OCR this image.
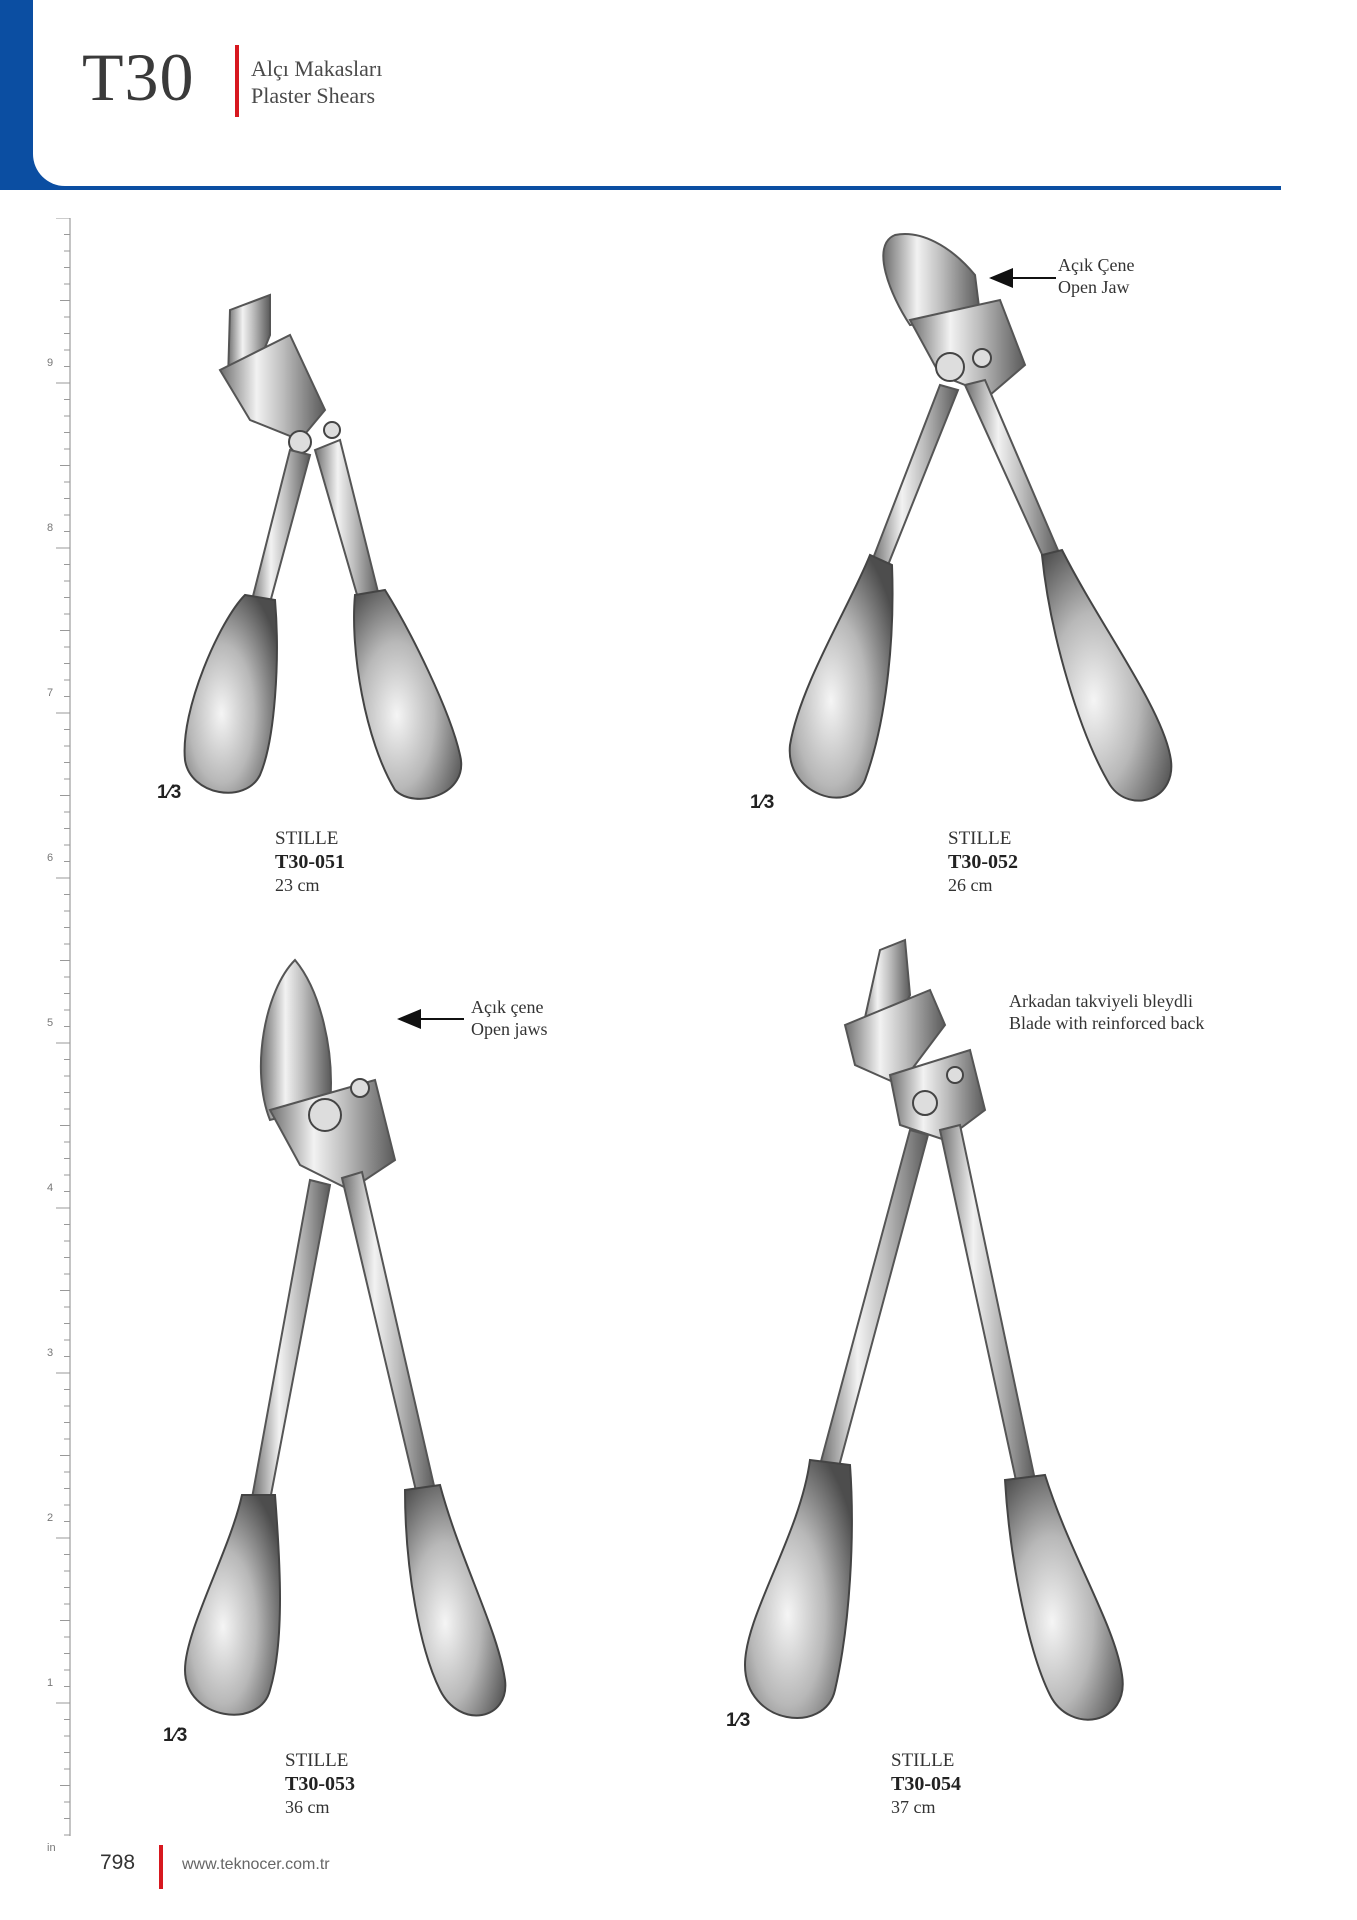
T30	Alçı Makasları
Plaster Shears
9
8
7
6
5
4
3
2
1
in
1⁄3
STILLE
T30-051
23 cm
Açık Çene
Open Jaw
1⁄3
STILLE
T30-052
26 cm
Açık çene
Open jaws
1⁄3
STILLE
T30-053
36 cm
1⁄3
Arkadan takviyeli bleydli
Blade with reinforced back
STILLE
T30-054
37 cm
798	www.teknocer.com.tr
